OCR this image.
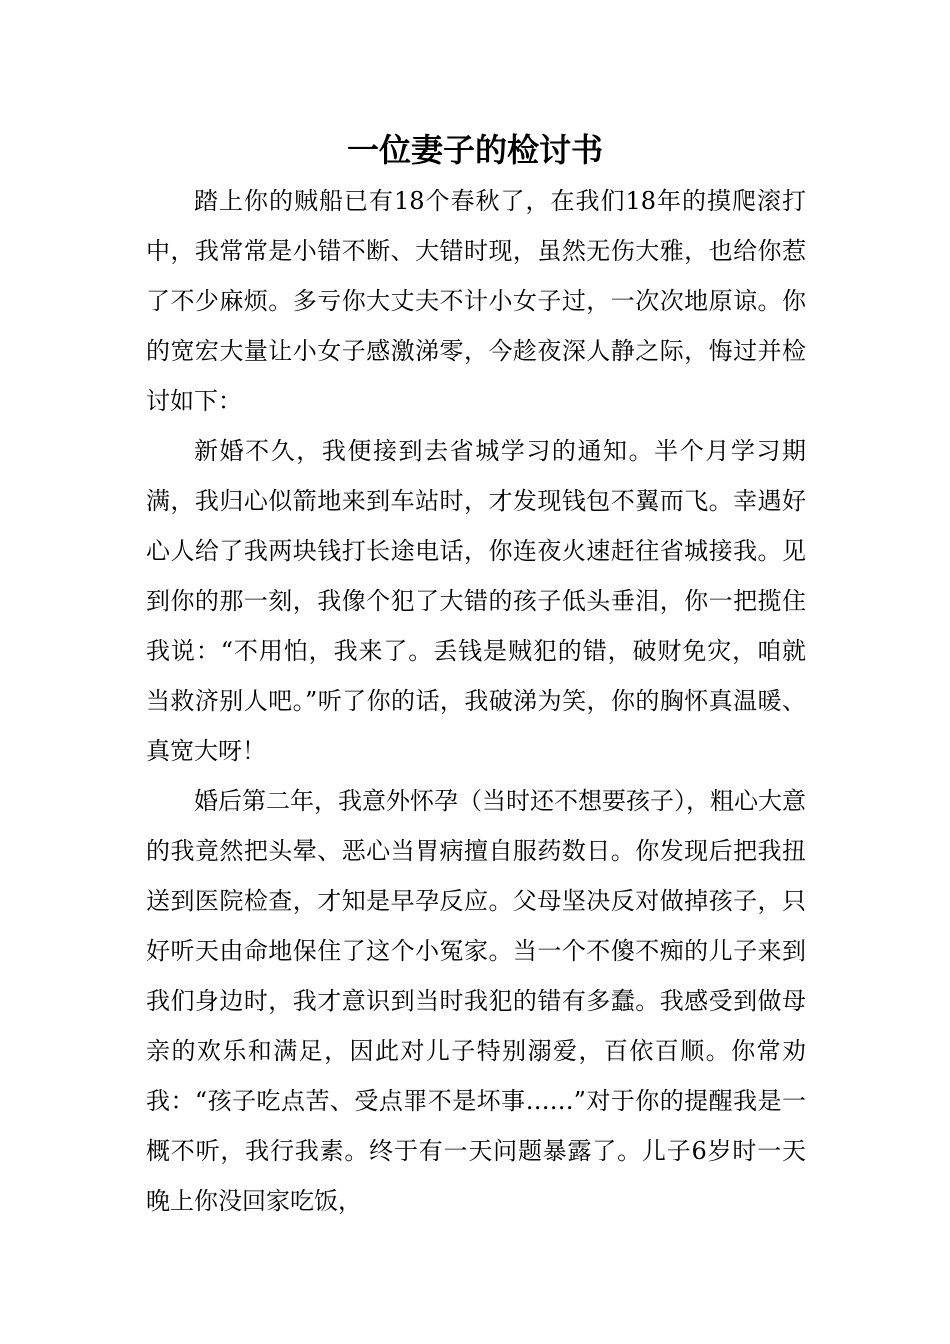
一位妻子的检讨书

踏上你的贼船已有18个春秋了，在我们18年的摸爬滚打中，我常常是小错不断、大错时现，虽然无伤大雅，也给你惹了不少麻烦。多亏你大丈夫不计小女子过，一次次地原谅。你的宽宏大量让小女子感激涕零，今趁夜深人静之际，悔过并检讨如下：

新婚不久，我便接到去省城学习的通知。半个月学习期满，我归心似箭地来到车站时，才发现钱包不翼而飞。幸遇好心人给了我两块钱打长途电话，你连夜火速赶往省城接我。见到你的那一刻，我像个犯了大错的孩子低头垂泪，你一把揽住我说：“不用怕，我来了。丢钱是贼犯的错，破财免灾，咱就当救济别人吧。”听了你的话，我破涕为笑，你的胸怀真温暖、真宽大呀！

婚后第二年，我意外怀孕（当时还不想要孩子），粗心大意的我竟然把头晕、恶心当胃病擅自服药数日。你发现后把我扭送到医院检查，才知是早孕反应。父母坚决反对做掉孩子，只好听天由命地保住了这个小冤家。当一个不傻不痴的儿子来到我们身边时，我才意识到当时我犯的错有多蠢。我感受到做母亲的欢乐和满足，因此对儿子特别溺爱，百依百顺。你常劝我：“孩子吃点苦、受点罪不是坏事……”对于你的提醒我是一概不听，我行我素。终于有一天问题暴露了。儿子6岁时一天晚上你没回家吃饭，
